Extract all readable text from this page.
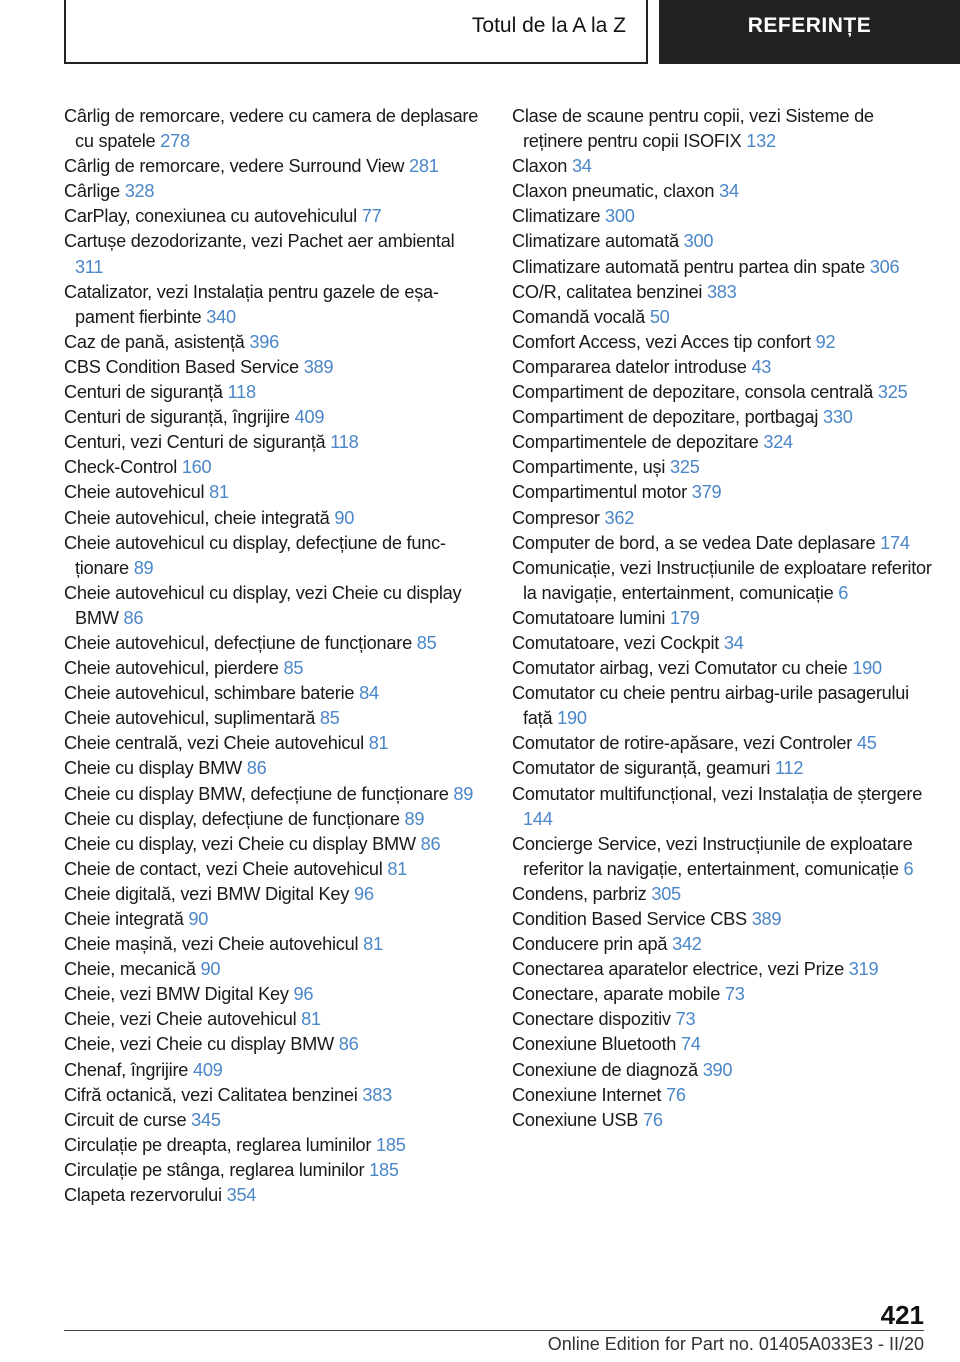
Totul de la A la Z	REFERINȚE
Cârlig de remorcare, vedere cu camera de deplasare cu spatele 278
Cârlig de remorcare, vedere Surround View 281
Cârlige 328
CarPlay, conexiunea cu autovehiculul 77
Cartușe dezodorizante, vezi Pachet aer ambiental 311
Catalizator, vezi Instalația pentru gazele de eșapament fierbinte 340
Caz de pană, asistență 396
CBS Condition Based Service 389
Centuri de siguranță 118
Centuri de siguranță, îngrijire 409
Centuri, vezi Centuri de siguranță 118
Check-Control 160
Cheie autovehicul 81
Cheie autovehicul, cheie integrată 90
Cheie autovehicul cu display, defecțiune de funcționare 89
Cheie autovehicul cu display, vezi Cheie cu display BMW 86
Cheie autovehicul, defecțiune de funcționare 85
Cheie autovehicul, pierdere 85
Cheie autovehicul, schimbare baterie 84
Cheie autovehicul, suplimentară 85
Cheie centrală, vezi Cheie autovehicul 81
Cheie cu display BMW 86
Cheie cu display BMW, defecțiune de funcționare 89
Cheie cu display, defecțiune de funcționare 89
Cheie cu display, vezi Cheie cu display BMW 86
Cheie de contact, vezi Cheie autovehicul 81
Cheie digitală, vezi BMW Digital Key 96
Cheie integrată 90
Cheie mașină, vezi Cheie autovehicul 81
Cheie, mecanică 90
Cheie, vezi BMW Digital Key 96
Cheie, vezi Cheie autovehicul 81
Cheie, vezi Cheie cu display BMW 86
Chenaf, îngrijire 409
Cifră octanică, vezi Calitatea benzinei 383
Circuit de curse 345
Circulație pe dreapta, reglarea luminilor 185
Circulație pe stânga, reglarea luminilor 185
Clapeta rezervorului 354
Clase de scaune pentru copii, vezi Sisteme de reținere pentru copii ISOFIX 132
Claxon 34
Claxon pneumatic, claxon 34
Climatizare 300
Climatizare automată 300
Climatizare automată pentru partea din spate 306
CO/R, calitatea benzinei 383
Comandă vocală 50
Comfort Access, vezi Acces tip confort 92
Compararea datelor introduse 43
Compartiment de depozitare, consola centrală 325
Compartiment de depozitare, portbagaj 330
Compartimentele de depozitare 324
Compartimente, uși 325
Compartimentul motor 379
Compresor 362
Computer de bord, a se vedea Date deplasare 174
Comunicație, vezi Instrucțiunile de exploatare referitor la navigație, entertainment, comunicație 6
Comutatoare lumini 179
Comutatoare, vezi Cockpit 34
Comutator airbag, vezi Comutator cu cheie 190
Comutator cu cheie pentru airbag-urile pasagerului față 190
Comutator de rotire-apăsare, vezi Controler 45
Comutator de siguranță, geamuri 112
Comutator multifuncțional, vezi Instalația de ștergere 144
Concierge Service, vezi Instrucțiunile de exploatare referitor la navigație, entertainment, comunicație 6
Condens, parbriz 305
Condition Based Service CBS 389
Conducere prin apă 342
Conectarea aparatelor electrice, vezi Prize 319
Conectare, aparate mobile 73
Conectare dispozitiv 73
Conexiune Bluetooth 74
Conexiune de diagnoză 390
Conexiune Internet 76
Conexiune USB 76
421
Online Edition for Part no. 01405A033E3 - II/20
